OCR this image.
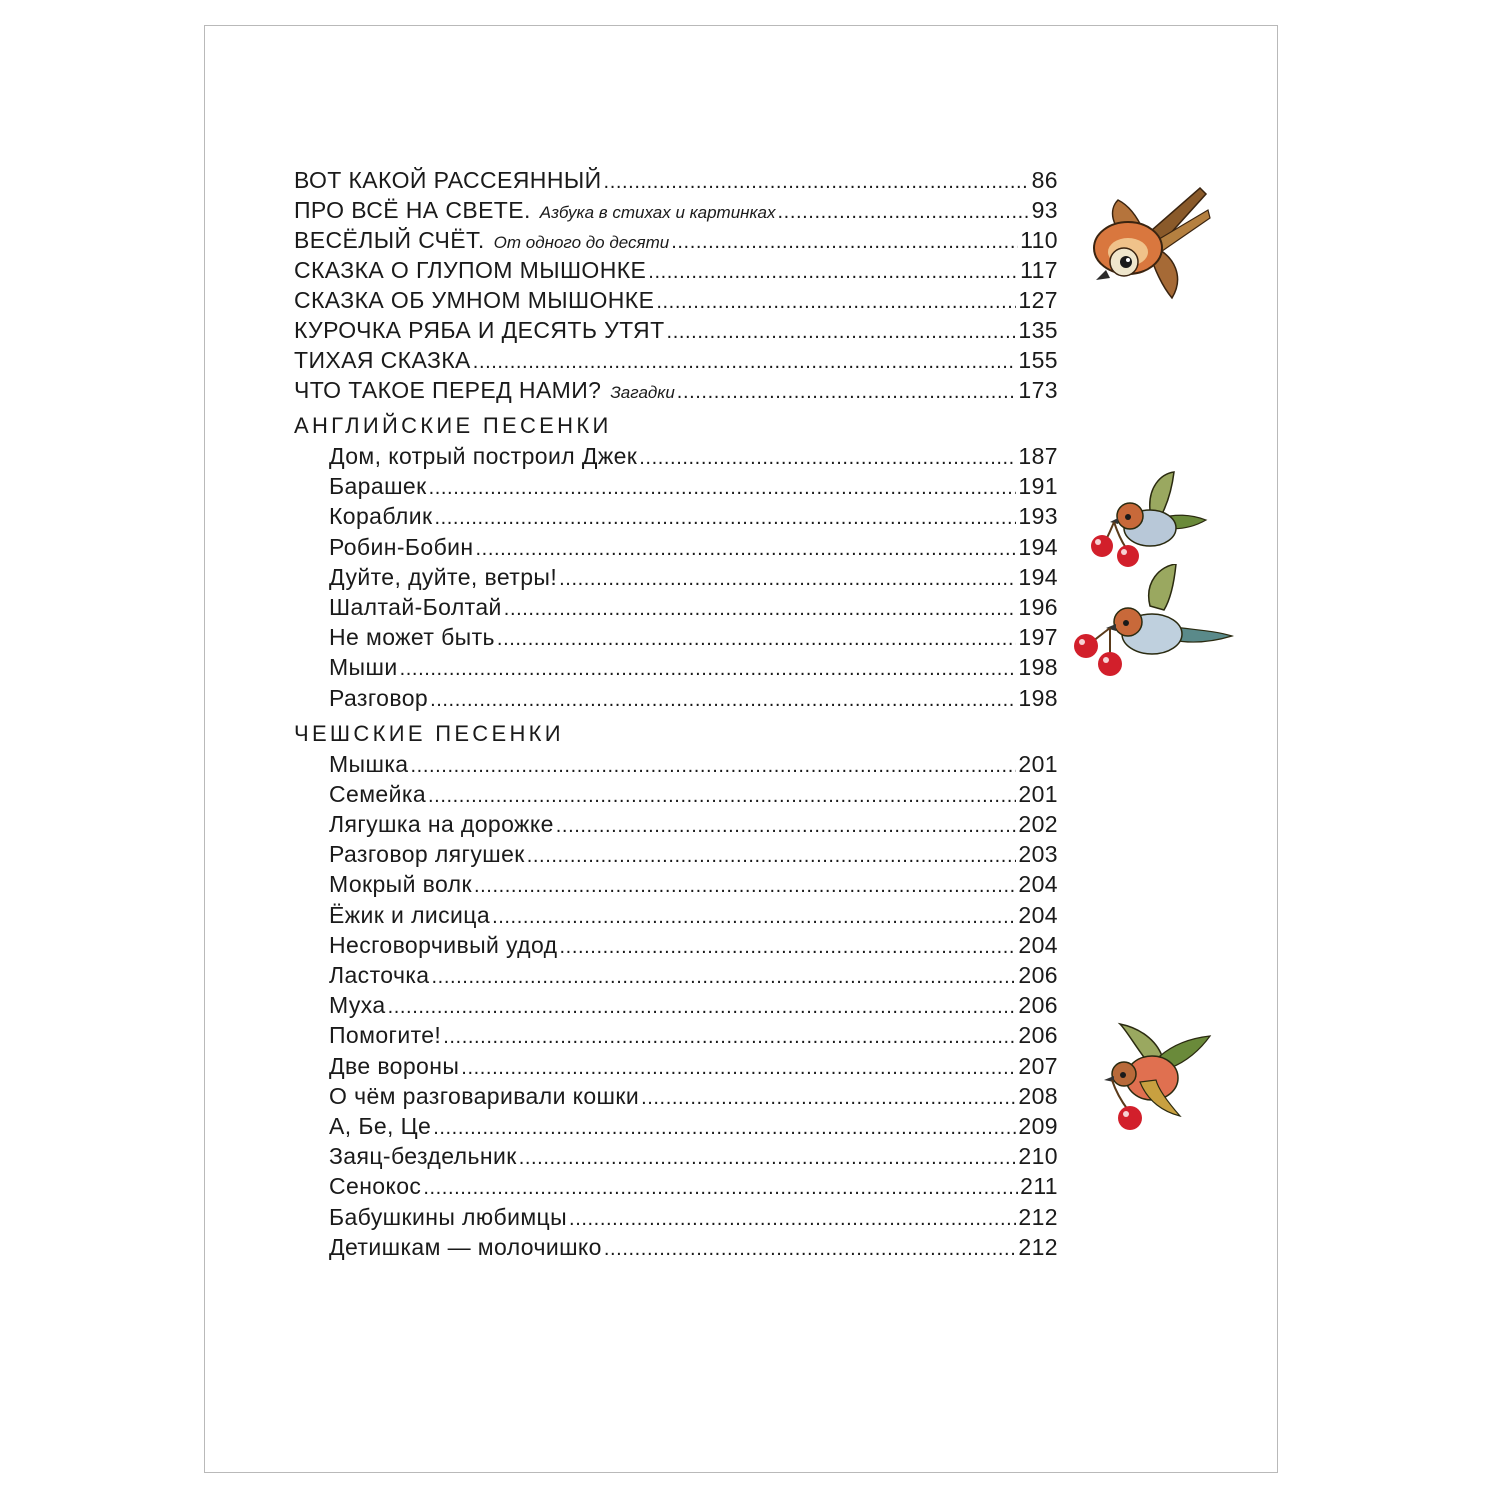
ВОТ КАКОЙ РАССЕЯННЫЙ .....	86
ПРО ВСЁ НА СВЕТЕ. Азбука в стихах и картинках .....	93
ВЕСЁЛЫЙ СЧЁТ. От одного до десяти .....	110
СКАЗКА О ГЛУПОМ МЫШОНКЕ .....	117
СКАЗКА ОБ УМНОМ МЫШОНКЕ .....	127
КУРОЧКА РЯБА И ДЕСЯТЬ УТЯТ .....	135
ТИХАЯ СКАЗКА .....	155
ЧТО ТАКОЕ ПЕРЕД НАМИ? Загадки .....	173
АНГЛИЙСКИЕ ПЕСЕНКИ
Дом, котрый построил Джек .....	187
Барашек .....	191
Кораблик .....	193
Робин-Бобин .....	194
Дуйте, дуйте, ветры! .....	194
Шалтай-Болтай .....	196
Не может быть .....	197
Мыши .....	198
Разговор .....	198
ЧЕШСКИЕ ПЕСЕНКИ
Мышка .....	201
Семейка .....	201
Лягушка на дорожке .....	202
Разговор лягушек .....	203
Мокрый волк .....	204
Ёжик и лисица .....	204
Несговорчивый удод .....	204
Ласточка .....	206
Муха .....	206
Помогите! .....	206
Две вороны .....	207
О чём разговаривали кошки .....	208
А, Бе, Це .....	209
Заяц-бездельник .....	210
Сенокос .....	211
Бабушкины любимцы .....	212
Детишкам — молочишко .....	212
